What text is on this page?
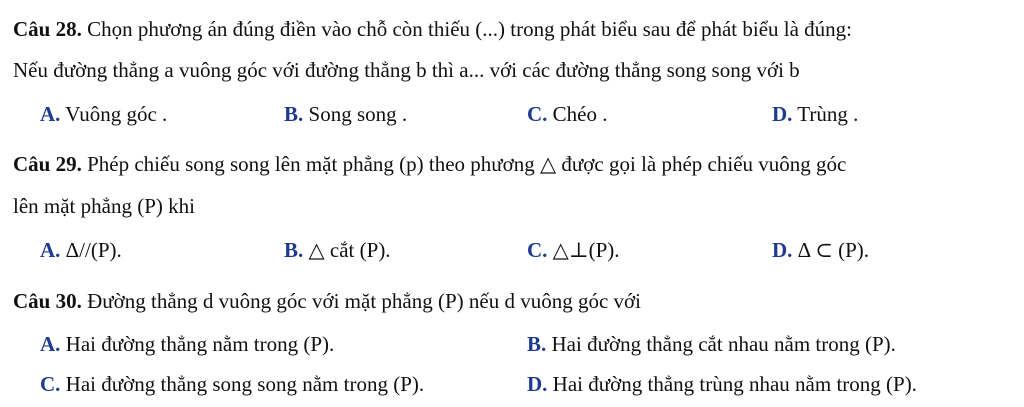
Câu 28. Chọn phương án đúng điền vào chỗ còn thiếu (...) trong phát biểu sau để phát biểu là đúng:
Nếu đường thẳng a vuông góc với đường thẳng b thì a... với các đường thẳng song song với b
A. Vuông góc .	B. Song song .	C. Chéo .	D. Trùng .
Câu 29. Phép chiếu song song lên mặt phẳng (p) theo phương △ được gọi là phép chiếu vuông góc
lên mặt phẳng (P) khi
A. Δ//(P).	B. △ cắt (P).	C. △⊥(P).	D. Δ ⊂ (P).
Câu 30. Đường thẳng d vuông góc với mặt phẳng (P) nếu d vuông góc với
A. Hai đường thẳng nằm trong (P).	B. Hai đường thẳng cắt nhau nằm trong (P).
C. Hai đường thẳng song song nằm trong (P).	D. Hai đường thẳng trùng nhau nằm trong (P).
